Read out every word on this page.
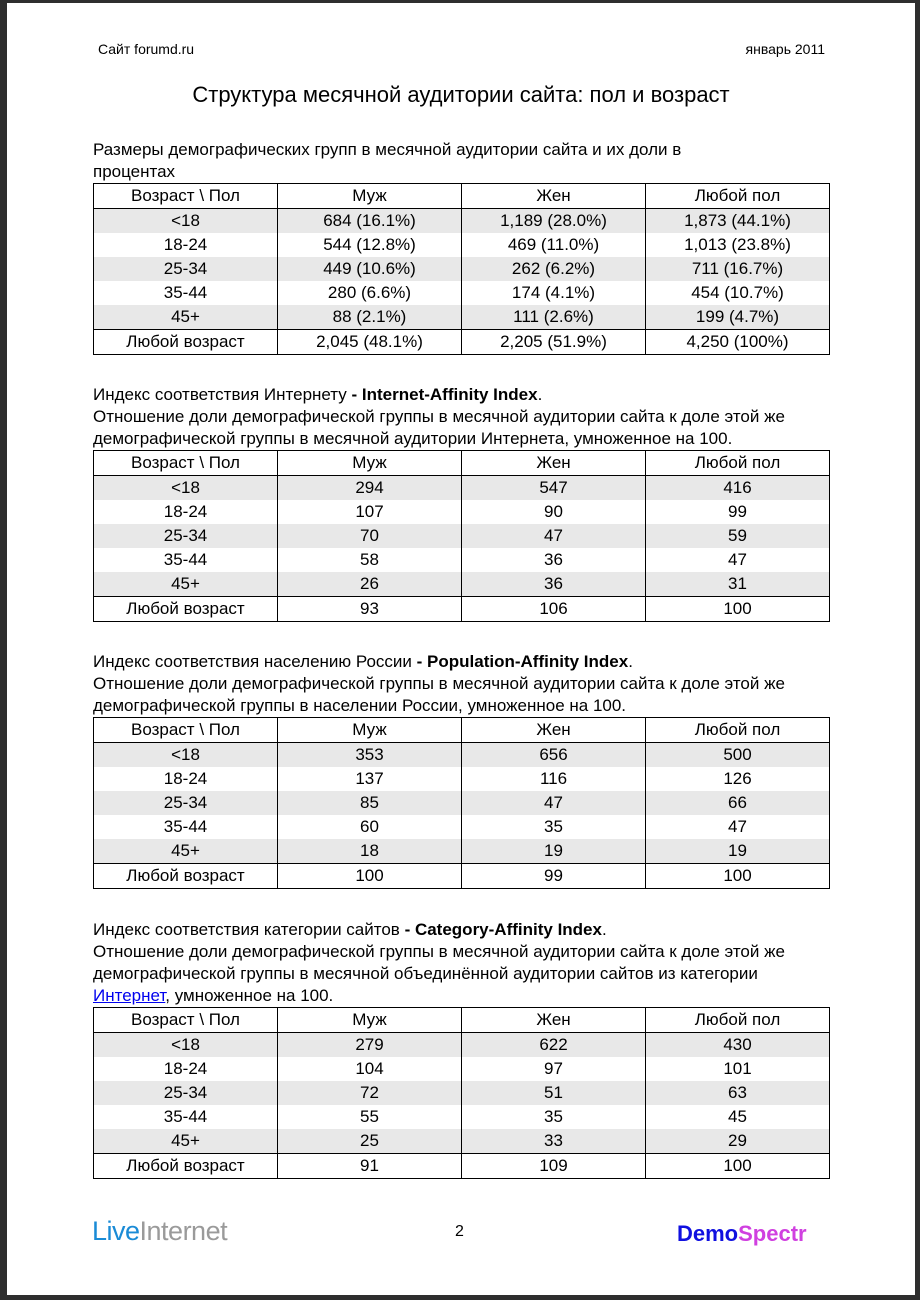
Сайт forumd.ru	январь 2011
Структура месячной аудитории сайта: пол и возраст

Размеры демографических групп в месячной аудитории сайта и их доли в процентах

Возраст \ Пол	Муж	Жен	Любой пол
<18	684 (16.1%)	1,189 (28.0%)	1,873 (44.1%)
18-24	544 (12.8%)	469 (11.0%)	1,013 (23.8%)
25-34	449 (10.6%)	262 (6.2%)	711 (16.7%)
35-44	280 (6.6%)	174 (4.1%)	454 (10.7%)
45+	88 (2.1%)	111 (2.6%)	199 (4.7%)
Любой возраст	2,045 (48.1%)	2,205 (51.9%)	4,250 (100%)

Индекс соответствия Интернету - Internet-Affinity Index.
Отношение доли демографической группы в месячной аудитории сайта к доле этой же демографической группы в месячной аудитории Интернета, умноженное на 100.

Возраст \ Пол	Муж	Жен	Любой пол
<18	294	547	416
18-24	107	90	99
25-34	70	47	59
35-44	58	36	47
45+	26	36	31
Любой возраст	93	106	100

Индекс соответствия населению России - Population-Affinity Index.
Отношение доли демографической группы в месячной аудитории сайта к доле этой же демографической группы в населении России, умноженное на 100.

Возраст \ Пол	Муж	Жен	Любой пол
<18	353	656	500
18-24	137	116	126
25-34	85	47	66
35-44	60	35	47
45+	18	19	19
Любой возраст	100	99	100

Индекс соответствия категории сайтов - Category-Affinity Index.
Отношение доли демографической группы в месячной аудитории сайта к доле этой же демографической группы в месячной объединённой аудитории сайтов из категории Интернет, умноженное на 100.

Возраст \ Пол	Муж	Жен	Любой пол
<18	279	622	430
18-24	104	97	101
25-34	72	51	63
35-44	55	35	45
45+	25	33	29
Любой возраст	91	109	100
LiveInternet	2	DemoSpectr
